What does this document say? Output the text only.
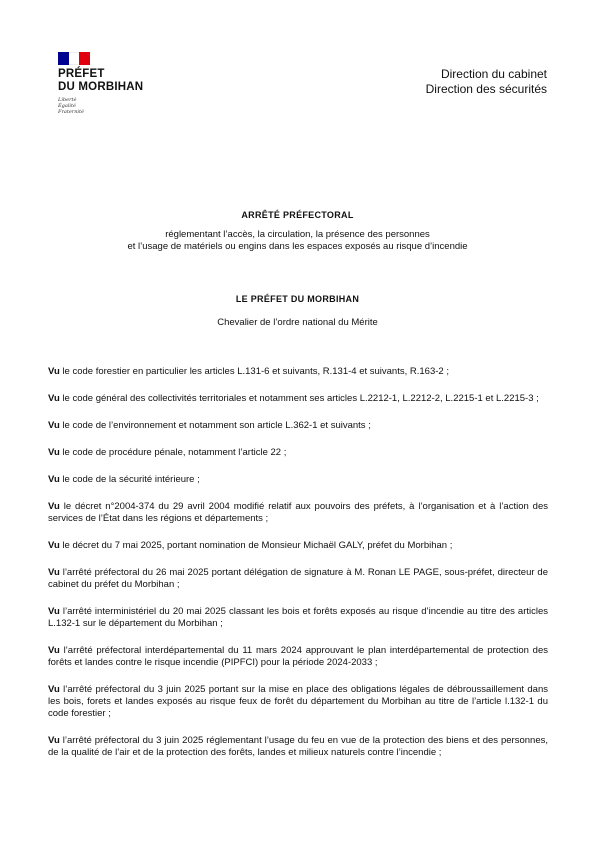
PRÉFET
DU MORBIHAN
Liberté
Égalité
Fraternité
Direction du cabinet
Direction des sécurités
ARRÊTÉ PRÉFECTORAL
réglementant l’accès, la circulation, la présence des personnes
et l’usage de matériels ou engins dans les espaces exposés au risque d’incendie
LE PRÉFET DU MORBIHAN
Chevalier de l’ordre national du Mérite

Vu le code forestier en particulier les articles L.131-6 et suivants, R.131-4 et suivants, R.163-2 ;

Vu le code général des collectivités territoriales et notamment ses articles L.2212-1, L.2212-2, L.2215-1 et L.2215-3 ;

Vu le code de l’environnement et notamment son article L.362-1 et suivants ;

Vu le code de procédure pénale, notamment l’article 22 ;

Vu le code de la sécurité intérieure ;

Vu le décret n°2004-374 du 29 avril 2004 modifié relatif aux pouvoirs des préfets, à l’organisation et à l’action des services de l’État dans les régions et départements ;

Vu le décret du 7 mai 2025, portant nomination de Monsieur Michaël GALY, préfet du Morbihan ;

Vu l’arrêté préfectoral du 26 mai 2025 portant délégation de signature à M. Ronan LE PAGE, sous-préfet, directeur de cabinet du préfet du Morbihan ;

Vu l’arrêté interministériel du 20 mai 2025 classant les bois et forêts exposés au risque d’incendie au titre des articles L.132-1 sur le département du Morbihan ;

Vu l’arrêté préfectoral interdépartemental du 11 mars 2024 approuvant le plan interdépartemental de protection des forêts et landes contre le risque incendie (PIPFCI) pour la période 2024-2033 ;

Vu l’arrêté préfectoral du 3 juin 2025 portant sur la mise en place des obligations légales de débroussaillement dans les bois, forets et landes exposés au risque feux de forêt du département du Morbihan au titre de l’article l.132-1 du code forestier ;

Vu l’arrêté préfectoral du 3 juin 2025 réglementant l’usage du feu en vue de la protection des biens et des personnes, de la qualité de l’air et de la protection des forêts, landes et milieux naturels contre l’incendie ;
